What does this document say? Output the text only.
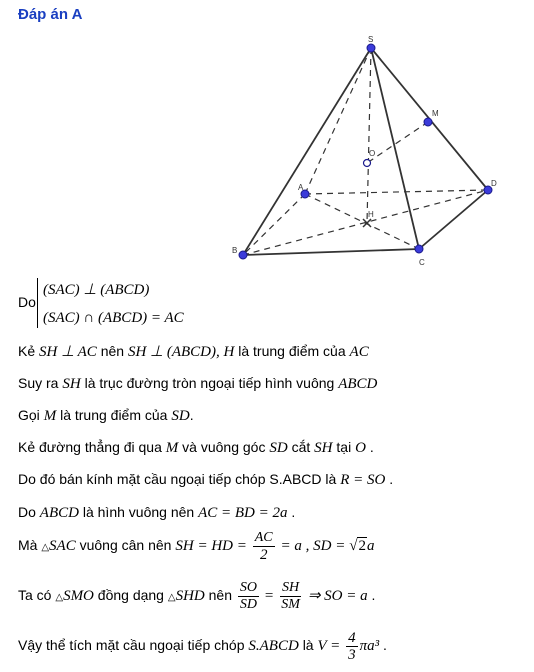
Đáp án A
S
M
O
A	D
H
B
C
Do
(SAC) ⊥ (ABCD)
(SAC) ∩ (ABCD) = AC
Kẻ SH ⊥ AC nên SH ⊥ (ABCD), H là trung điểm của AC
Suy ra SH là trục đường tròn ngoại tiếp hình vuông ABCD
Gọi M là trung điểm của SD.
Kẻ đường thẳng đi qua M và vuông góc SD cắt SH tại O .
Do đó bán kính mặt cầu ngoại tiếp chóp S.ABCD là R = SO .
Do ABCD là hình vuông nên AC = BD = 2a .
Mà △SAC vuông cân nên SH = HD = $\frac{AC}{2} = a$ , SD = √2a
Ta có △SMO đồng dạng △SHD nên $\frac{SO}{SD} = \frac{SH}{SM}$ ⇒ SO = a .
Vậy thể tích mặt cầu ngoại tiếp chóp S.ABCD là $V = \frac{4}{3} \pi a^3$ .
